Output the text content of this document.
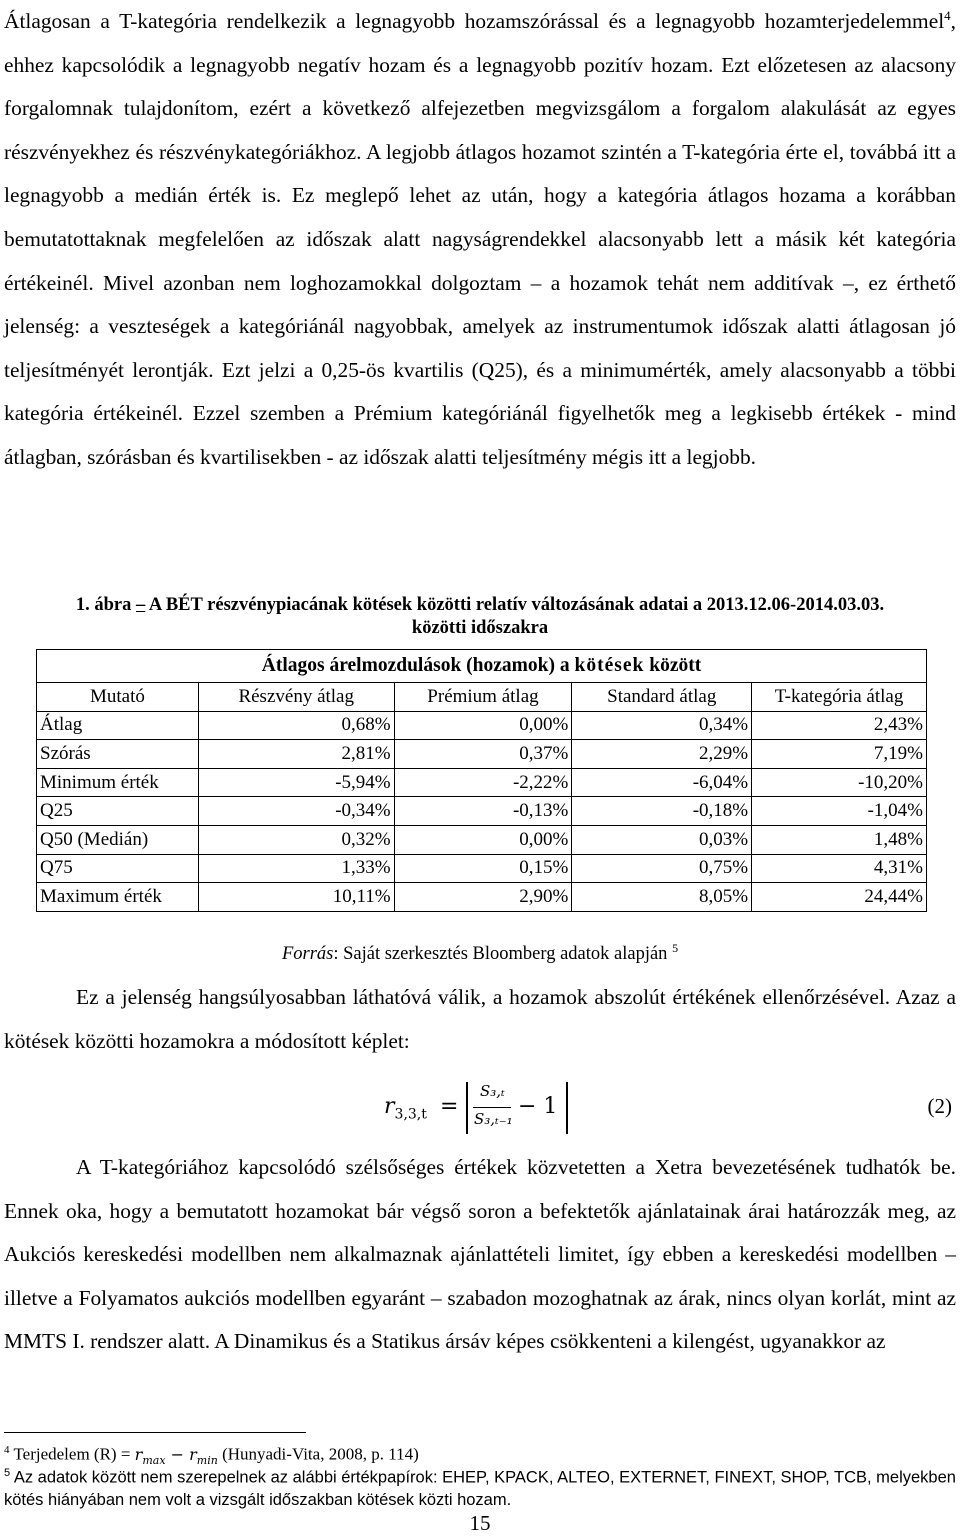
Átlagosan a T-kategória rendelkezik a legnagyobb hozamszórással és a legnagyobb hozamterjedelemmel$^4$, ehhez kapcsolódik a legnagyobb negatív hozam és a legnagyobb pozitív hozam. Ezt előzetesen az alacsony forgalomnak tulajdonítom, ezért a következő alfejezetben megvizsgálom a forgalom alakulását az egyes részvényekhez és részvénykategóriákhoz. A legjobb átlagos hozamot szintén a T-kategória érte el, továbbá itt a legnagyobb a medián érték is. Ez meglepő lehet az után, hogy a kategória átlagos hozama a korábban bemutatottaknak megfelelően az időszak alatt nagyságrendekkel alacsonyabb lett a másik két kategória értékeinél. Mivel azonban nem loghozamokkal dolgoztam – a hozamok tehát nem additívak –, ez érthető jelenség: a veszteségek a kategóriánál nagyobbak, amelyek az instrumentumok időszak alatti átlagosan jó teljesítményét lerontják. Ezt jelzi a 0,25-ös kvartilis (Q25), és a minimumérték, amely alacsonyabb a többi kategória értékeinél. Ezzel szemben a Prémium kategóriánál figyelhetők meg a legkisebb értékek - mind átlagban, szórásban és kvartilisekben - az időszak alatti teljesítmény mégis itt a legjobb.

1. ábra – A BÉT részvénypiacának kötések közötti relatív változásának adatai a 2013.12.06-2014.03.03.
közötti időszakra
Átlagos árelmozdulások (hozamok) a kötések között				
Mutató	Részvény átlag	Prémium átlag	Standard átlag	T-kategória átlag
Átlag	0,68%	0,00%	0,34%	2,43%
Szórás	2,81%	0,37%	2,29%	7,19%
Minimum érték	-5,94%	-2,22%	-6,04%	-10,20%
Q25	-0,34%	-0,13%	-0,18%	-1,04%
Q50 (Medián)	0,32%	0,00%	0,03%	1,48%
Q75	1,33%	0,15%	0,75%	4,31%
Maximum érték	10,11%	2,90%	8,05%	24,44%
Forrás: Saját szerkesztés Bloomberg adatok alapján $^5$

Ez a jelenség hangsúlyosabban láthatóvá válik, a hozamok abszolút értékének ellenőrzésével. Azaz a kötések közötti hozamokra a módosított képlet:

$r_{3,3,t}$ =
S₃,ₜ
S₃,ₜ₋₁ − 1	(2)

A T-kategóriához kapcsolódó szélsőséges értékek közvetetten a Xetra bevezetésének tudhatók be. Ennek oka, hogy a bemutatott hozamokat bár végső soron a befektetők ajánlatainak árai határozzák meg, az Aukciós kereskedési modellben nem alkalmaznak ajánlattételi limitet, így ebben a kereskedési modellben – illetve a Folyamatos aukciós modellben egyaránt – szabadon mozoghatnak az árak, nincs olyan korlát, mint az MMTS I. rendszer alatt. A Dinamikus és a Statikus ársáv képes csökkenteni a kilengést, ugyanakkor az

$^4$ Terjedelem $(R) = r_{max} - r_{min}$ (Hunyadi-Vita, 2008, p. 114)
$^5$ Az adatok között nem szerepelnek az alábbi értékpapírok: EHEP, KPACK, ALTEO, EXTERNET, FINEXT, SHOP, TCB, melyekben kötés hiányában nem volt a vizsgált időszakban kötések közti hozam.
15
